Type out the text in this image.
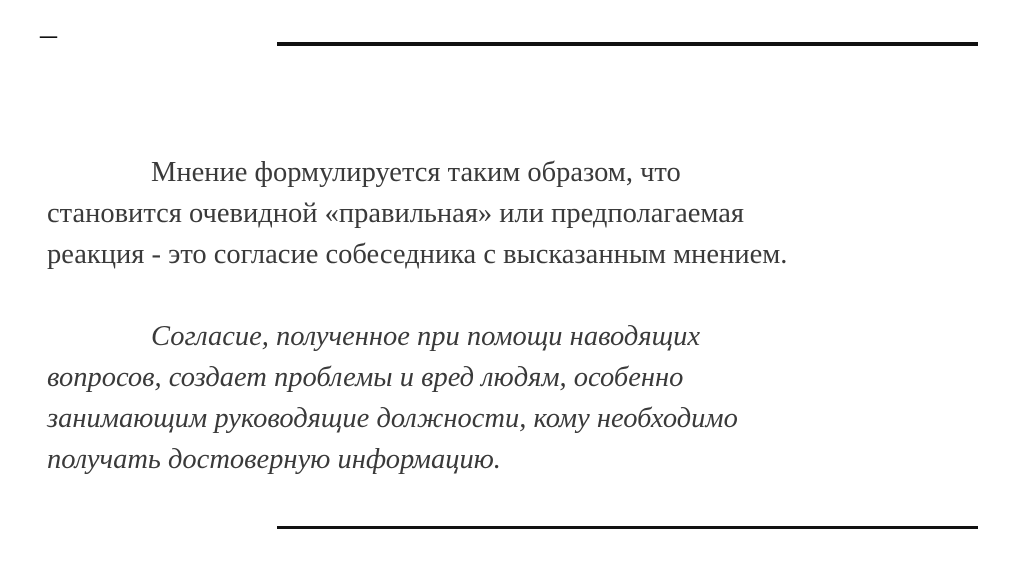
–

Мнение формулируется таким образом, что
становится очевидной «правильная» или предполагаемая
реакция - это согласие собеседника с высказанным мнением.

Согласие, полученное при помощи наводящих
вопросов, создает проблемы и вред людям, особенно
занимающим руководящие должности, кому необходимо
получать достоверную информацию.
